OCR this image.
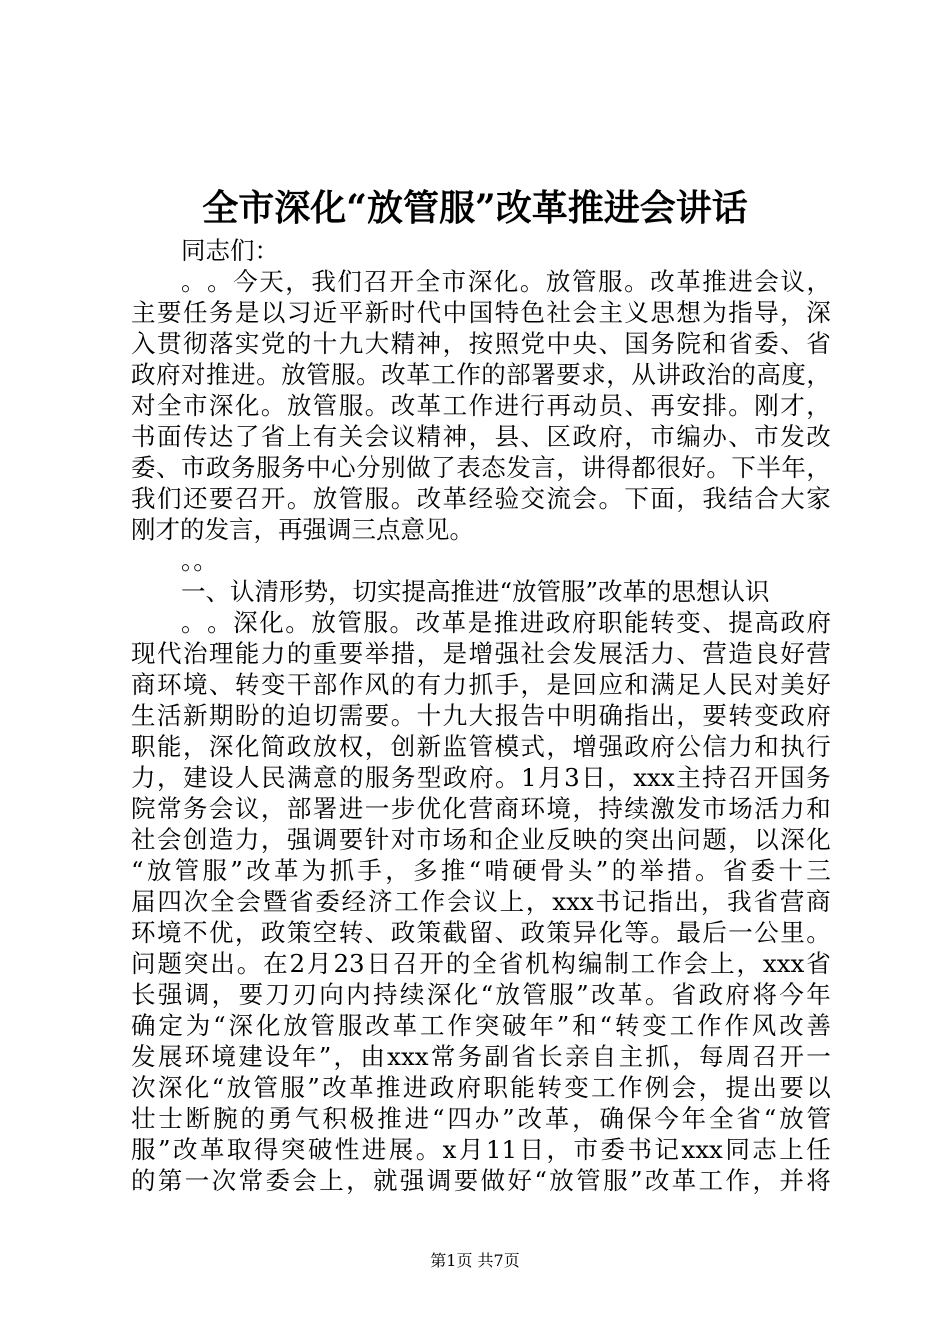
全市深化“放管服”改革推进会讲话
同志们：
。 。 今 天 ， 我 们 召 开 全 市 深 化 。 放 管 服 。 改 革 推 进 会 议 ，
主 要 任 务 是 以 习 近 平 新 时 代 中 国 特 色 社 会 主 义 思 想 为 指 导 ， 深
入 贯 彻 落 实 党 的 十 九 大 精 神 ， 按 照 党 中 央 、 国 务 院 和 省 委 、 省
政 府 对 推 进 。 放 管 服 。 改 革 工 作 的 部 署 要 求 ， 从 讲 政 治 的 高 度 ，
对 全 市 深 化 。 放 管 服 。 改 革 工 作 进 行 再 动 员 、 再 安 排 。 刚 才 ，
书 面 传 达 了 省 上 有 关 会 议 精 神 ， 县 、 区 政 府 ， 市 编 办 、 市 发 改
委 、 市 政 务 服 务 中 心 分 别 做 了 表 态 发 言 ， 讲 得 都 很 好 。 下 半 年 ，
我 们 还 要 召 开 。 放 管 服 。 改 革 经 验 交 流 会 。 下 面 ， 我 结 合 大 家
刚才的发言，再强调三点意见。
。。
一、认清形势，切实提高推进“放管服”改革的思想认识
。 。 深 化 。 放 管 服 。 改 革 是 推 进 政 府 职 能 转 变 、 提 高 政 府
现 代 治 理 能 力 的 重 要 举 措 ， 是 增 强 社 会 发 展 活 力 、 营 造 良 好 营
商 环 境 、 转 变 干 部 作 风 的 有 力 抓 手 ， 是 回 应 和 满 足 人 民 对 美 好
生 活 新 期 盼 的 迫 切 需 要 。 十 九 大 报 告 中 明 确 指 出 ， 要 转 变 政 府
职 能 ， 深 化 简 政 放 权 ， 创 新 监 管 模 式 ， 增 强 政 府 公 信 力 和 执 行
力 ， 建 设 人 民 满 意 的 服 务 型 政 府 。 1 月 3 日 ， xxx 主 持 召 开 国 务
院 常 务 会 议 ， 部 署 进 一 步 优 化 营 商 环 境 ， 持 续 激 发 市 场 活 力 和
社 会 创 造 力 ， 强 调 要 针 对 市 场 和 企 业 反 映 的 突 出 问 题 ， 以 深 化
“ 放 管 服 ” 改 革 为 抓 手 ， 多 推 “ 啃 硬 骨 头 ” 的 举 措 。 省 委 十 三
届 四 次 全 会 暨 省 委 经 济 工 作 会 议 上 ， xxx 书 记 指 出 ， 我 省 营 商
环 境 不 优 ， 政 策 空 转 、 政 策 截 留 、 政 策 异 化 等 。 最 后 一 公 里 。
问 题 突 出 。 在 2 月 23 日 召 开 的 全 省 机 构 编 制 工 作 会 上 ， xxx 省
长 强 调 ， 要 刀 刃 向 内 持 续 深 化 “ 放 管 服 ” 改 革 。 省 政 府 将 今 年
确 定 为 “ 深 化 放 管 服 改 革 工 作 突 破 年 ” 和 “ 转 变 工 作 作 风 改 善
发 展 环 境 建 设 年 ” ， 由 xxx 常 务 副 省 长 亲 自 主 抓 ， 每 周 召 开 一
次 深 化 “ 放 管 服 ” 改 革 推 进 政 府 职 能 转 变 工 作 例 会 ， 提 出 要 以
壮 士 断 腕 的 勇 气 积 极 推 进 “ 四 办 ” 改 革 ， 确 保 今 年 全 省 “ 放 管
服 ” 改 革 取 得 突 破 性 进 展 。 x 月 11 日 ， 市 委 书 记 xxx 同 志 上 任
的 第 一 次 常 委 会 上 ， 就 强 调 要 做 好 “ 放 管 服 ” 改 革 工 作 ， 并 将
第1页 共7页
